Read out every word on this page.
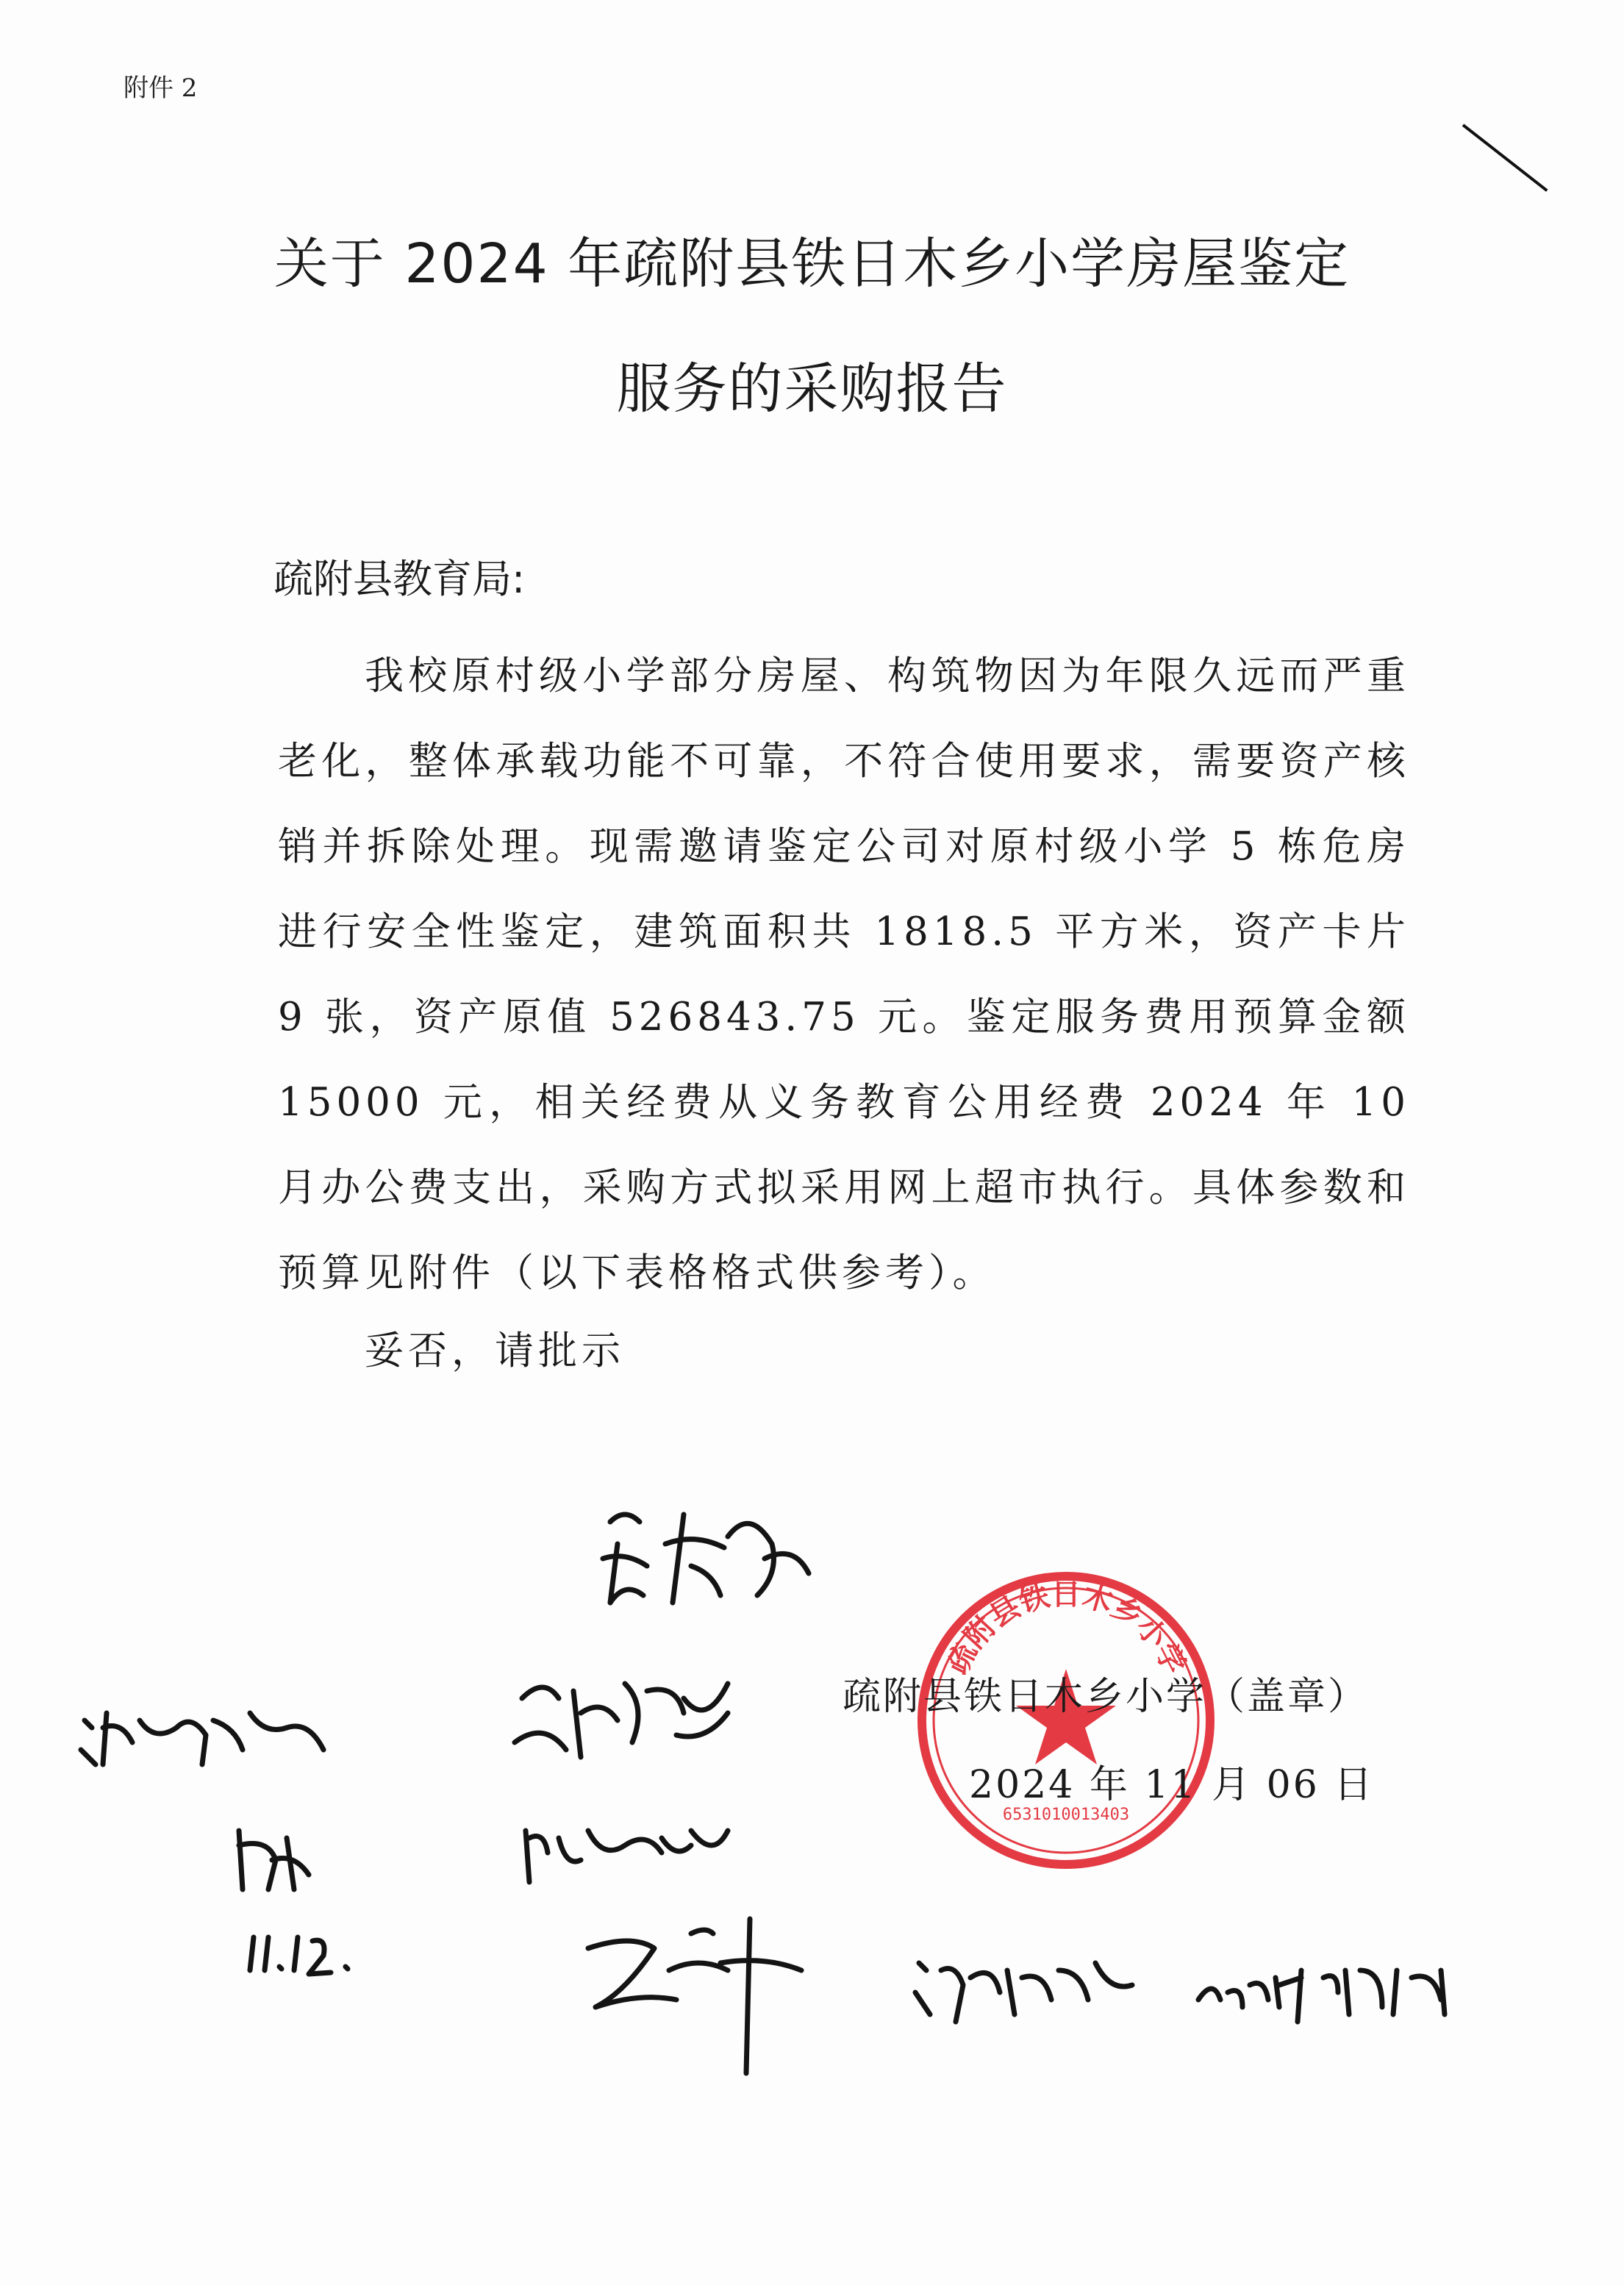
附件 2
关于 2024 年疏附县铁日木乡小学房屋鉴定
服务的采购报告
疏附县教育局:
我校原村级小学部分房屋、构筑物因为年限久远而严重老化，整体承载功能不可靠，不符合使用要求，需要资产核销并拆除处理。现需邀请鉴定公司对原村级小学 5 栋危房进行安全性鉴定，建筑面积共 1818.5 平方米，资产卡片 9 张，资产原值 526843.75 元。鉴定服务费用预算金额 15000 元，相关经费从义务教育公用经费 2024 年 10 月办公费支出，采购方式拟采用网上超市执行。具体参数和预算见附件（以下表格格式供参考）。
妥否，请批示
疏附县铁日木乡小学
6531010013403
疏附县铁日木乡小学（盖章）
2024 年 11 月 06 日
